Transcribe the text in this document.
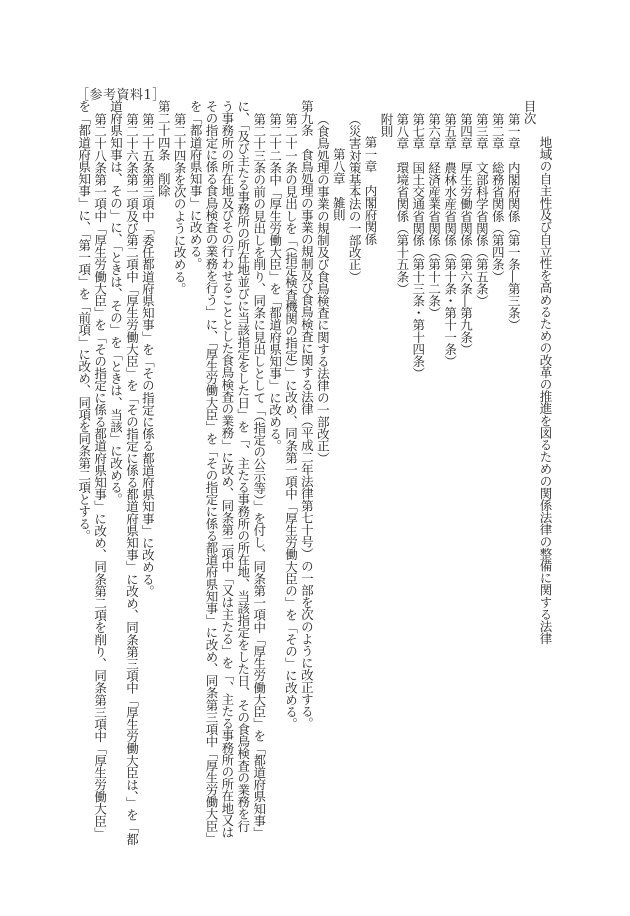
［参考資料1］
地域の自主性及び自立性を高めるための改革の推進を図るための関係法律の整備に関する法律
目次
第一章　内閣府関係（第一条―第三条）
第二章　総務省関係（第四条）
第三章　文部科学省関係（第五条）
第四章　厚生労働省関係（第六条―第九条）
第五章　農林水産省関係（第十条・第十一条）
第六章　経済産業省関係（第十二条）
第七章　国土交通省関係（第十三条・第十四条）
第八章　環境省関係（第十五条）
附則
第一章　内閣府関係
（災害対策基本法の一部改正）
第八章　雑則
（食鳥処理の事業の規制及び食鳥検査に関する法律の一部改正）
第九条　食鳥処理の事業の規制及び食鳥検査に関する法律（平成二年法律第七十号）の一部を次のように改正する。
第二十一条の見出しを「（指定検査機関の指定）」に改め、同条第一項中「厚生労働大臣の」を「その」に改める。
第二十二条中「厚生労働大臣」を「都道府県知事」に改める。
第二十三条の前の見出しを削り、同条に見出しとして「（指定の公示等）」を付し、同条第一項中「厚生労働大臣」を「都道府県知事」
に、「及び主たる事務所の所在地並びに当該指定をした日」を「、主たる事務所の所在地、当該指定をした日、その食鳥検査の業務を行
う事務所の所在地及びその行わせることとした食鳥検査の業務」に改め、同条第二項中「又は主たる」を「、主たる事務所の所在地又は
その指定に係る食鳥検査の業務を行う」に、「厚生労働大臣」を「その指定に係る都道府県知事」に改め、同条第三項中「厚生労働大臣」
を「都道府県知事」に改める。
第二十四条を次のように改める。
第二十四条　削除
第二十五条第三項中「委任都道府県知事」を「その指定に係る都道府県知事」に改める。
第二十六条第一項及び第二項中「厚生労働大臣」を「その指定に係る都道府県知事」に改め、同条第三項中「厚生労働大臣は、」を「都
道府県知事は、その」に、「ときは、その」を「ときは、当該」に改める。
第二十八条第一項中「厚生労働大臣」を「その指定に係る都道府県知事」に改め、同条第二項を削り、同条第三項中「厚生労働大臣」
を「都道府県知事」に、「第一項」を「前項」に改め、同項を同条第二項とする。
